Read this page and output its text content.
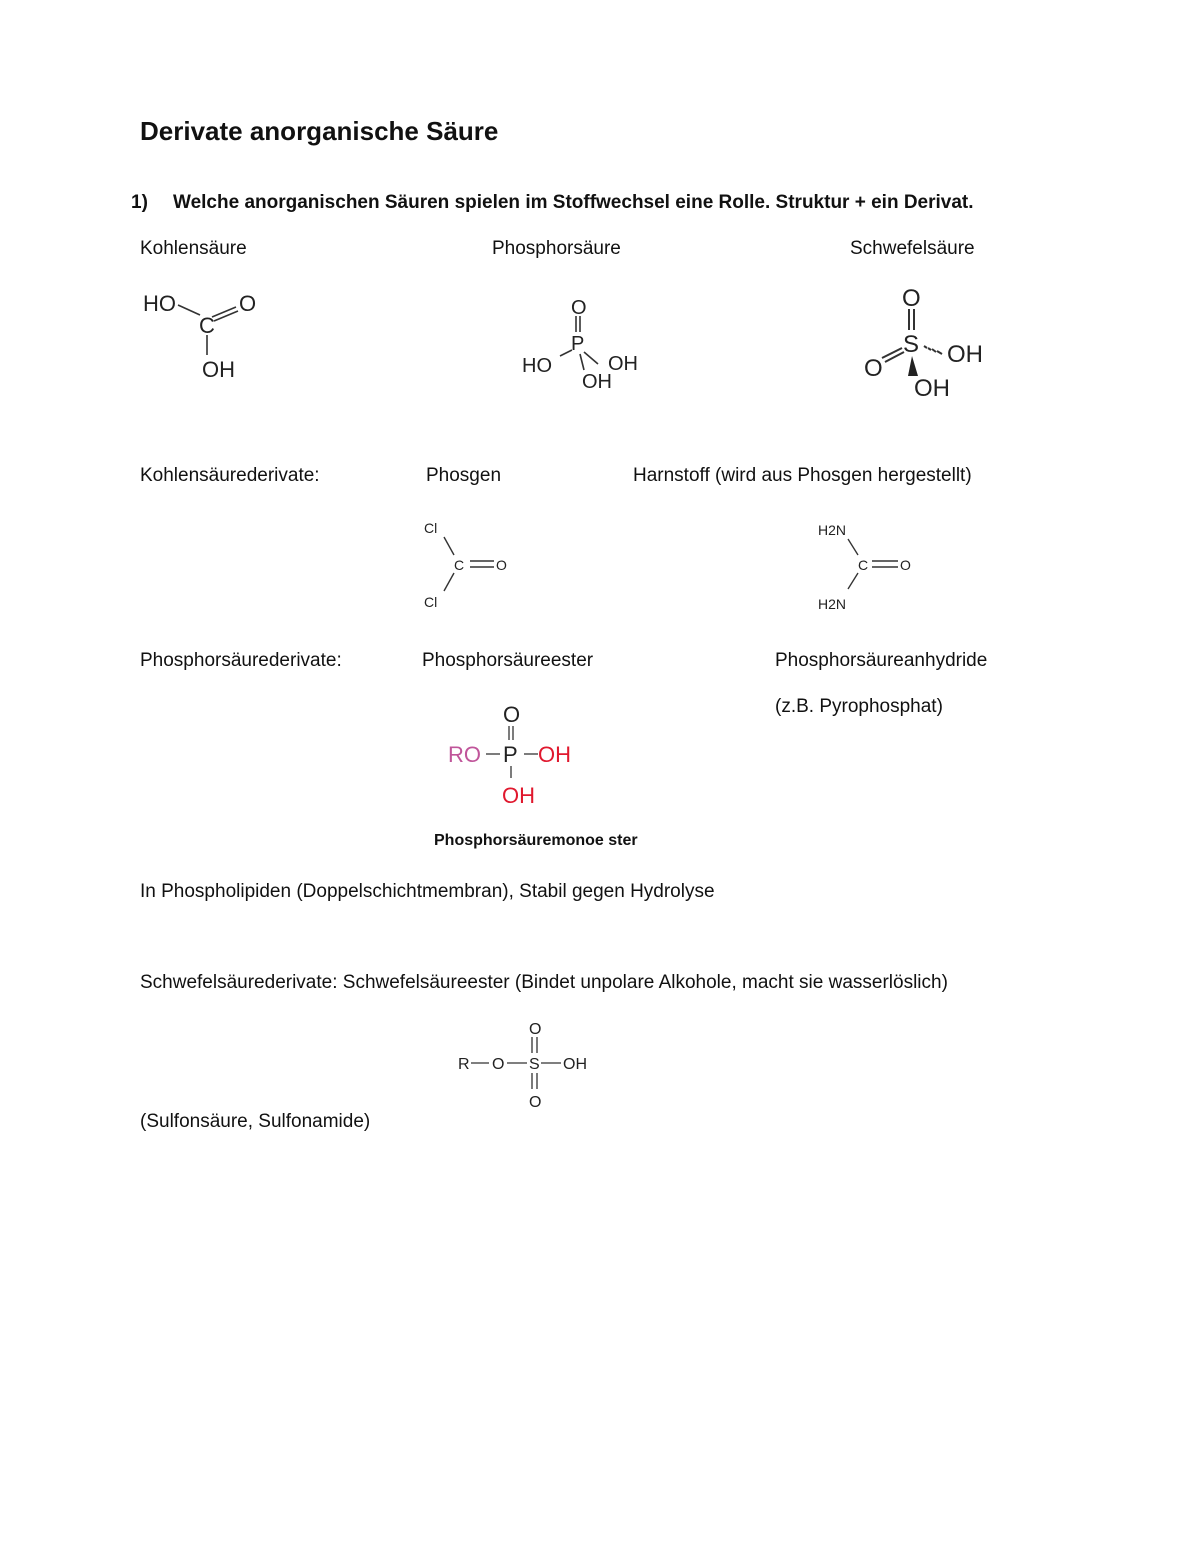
Derivate anorganische Säure
1) Welche anorganischen Säuren spielen im Stoffwechsel eine Rolle. Struktur + ein Derivat.
Kohlensäure	Phosphorsäure	Schwefelsäure
HO
C
O
OH
O
P
HO	OH
OH
O
S
O
OH
OH
Kohlensäurederivate:	Phosgen	Harnstoff (wird aus Phosgen hergestellt)
Cl
C O
Cl
H2N
C O
H2N
Phosphorsäurederivate:	Phosphorsäureester	Phosphorsäureanhydride
(z.B. Pyrophosphat)
O
RO P OH
OH
Phosphorsäuremonoe ster
In Phospholipiden (Doppelschichtmembran), Stabil gegen Hydrolyse
Schwefelsäurederivate: Schwefelsäureester (Bindet unpolare Alkohole, macht sie wasserlöslich)
O
R O S OH
O
(Sulfonsäure, Sulfonamide)
